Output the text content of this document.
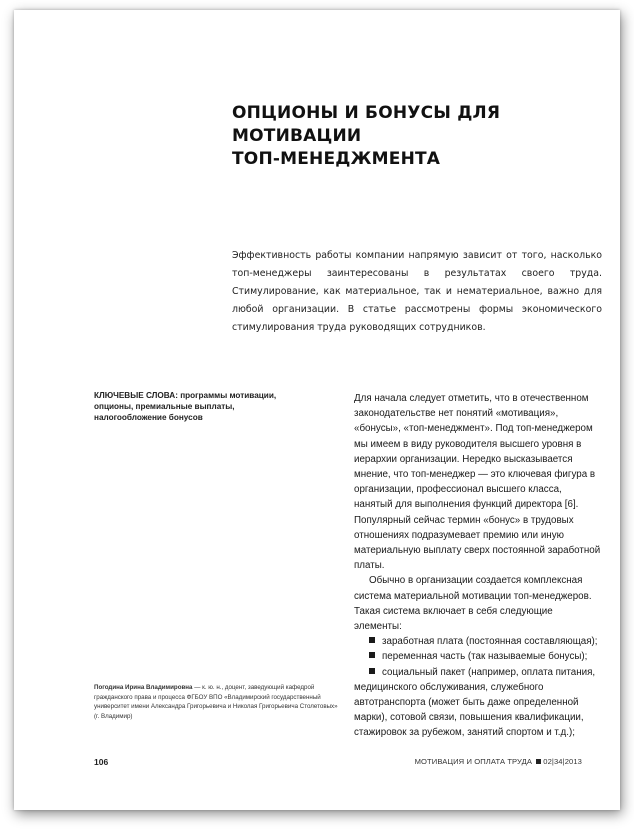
ОПЦИОНЫ И БОНУСЫ ДЛЯ МОТИВАЦИИ
ТОП-МЕНЕДЖМЕНТА

Эффективность работы компании напрямую зависит от того, насколько топ-менеджеры заинтересованы в результатах своего труда. Стимулирование, как материальное, так и нематериальное, важно для любой организации. В статье рассмотрены формы экономического стимулирования труда руководящих сотрудников.

КЛЮЧЕВЫЕ СЛОВА: программы мотивации, опционы, премиальные выплаты, налогообложение бонусов

Погодина Ирина Владимировна — к. ю. н., доцент, заведующий кафедрой гражданского права и процесса ФГБОУ ВПО «Владимирский государственный университет имени Александра Григорьевича и Николая Григорьевича Столетовых» (г. Владимир)

Для начала следует отметить, что в отечественном законодательстве нет понятий «мотивация», «бонусы», «топ-менеджмент». Под топ-менеджером мы имеем в виду руководителя высшего уровня в иерархии организации. Нередко высказывается мнение, что топ-менеджер — это ключевая фигура в организации, профессионал высшего класса, нанятый для выполнения функций директора [6]. Популярный сейчас термин «бонус» в трудовых отношениях подразумевает премию или иную материальную выплату сверх постоянной заработной платы.

Обычно в организации создается комплексная система материальной мотивации топ-менеджеров. Такая система включает в себя следующие элементы:

заработная плата (постоянная составляющая);

переменная часть (так называемые бонусы);

социальный пакет (например, оплата питания, медицинского обслуживания, служебного автотранспорта (может быть даже определенной марки), сотовой связи, повышения квалификации, стажировок за рубежом, занятий спортом и т.д.);

106	МОТИВАЦИЯ И ОПЛАТА ТРУДА 02|34|2013
